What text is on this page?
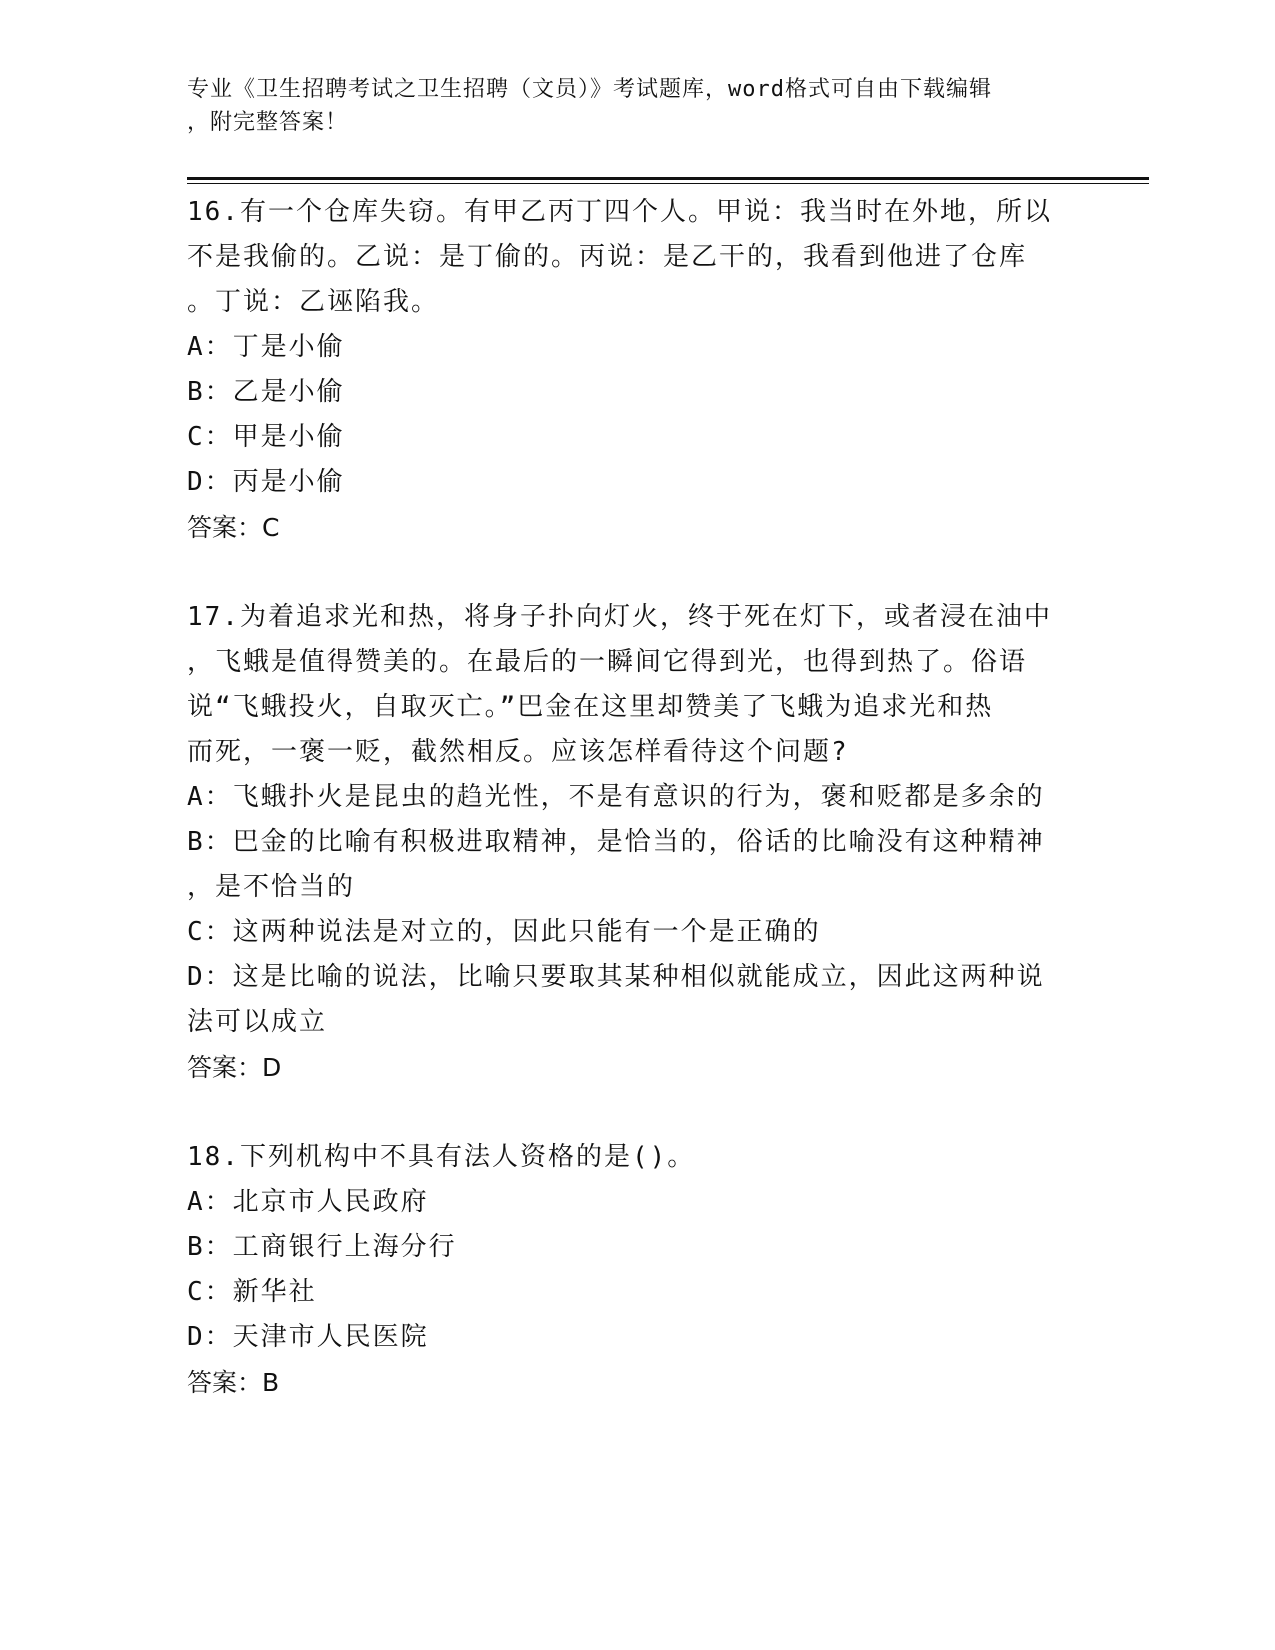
专业《卫生招聘考试之卫生招聘（文员）》考试题库，word格式可自由下载编辑

，附完整答案！

16.有一个仓库失窃。有甲乙丙丁四个人。甲说：我当时在外地，所以

不是我偷的。乙说：是丁偷的。丙说：是乙干的，我看到他进了仓库

。丁说：乙诬陷我。

A：丁是小偷

B：乙是小偷

C：甲是小偷

D：丙是小偷

答案：C

17.为着追求光和热，将身子扑向灯火，终于死在灯下，或者浸在油中

，飞蛾是值得赞美的。在最后的一瞬间它得到光，也得到热了。俗语

说“飞蛾投火，自取灭亡。”巴金在这里却赞美了飞蛾为追求光和热

而死，一褒一贬，截然相反。应该怎样看待这个问题?

A：飞蛾扑火是昆虫的趋光性，不是有意识的行为，褒和贬都是多余的

B：巴金的比喻有积极进取精神，是恰当的，俗话的比喻没有这种精神

，是不恰当的

C：这两种说法是对立的，因此只能有一个是正确的

D：这是比喻的说法，比喻只要取其某种相似就能成立，因此这两种说

法可以成立

答案：D

18.下列机构中不具有法人资格的是()。

A：北京市人民政府

B：工商银行上海分行

C：新华社

D：天津市人民医院

答案：B
